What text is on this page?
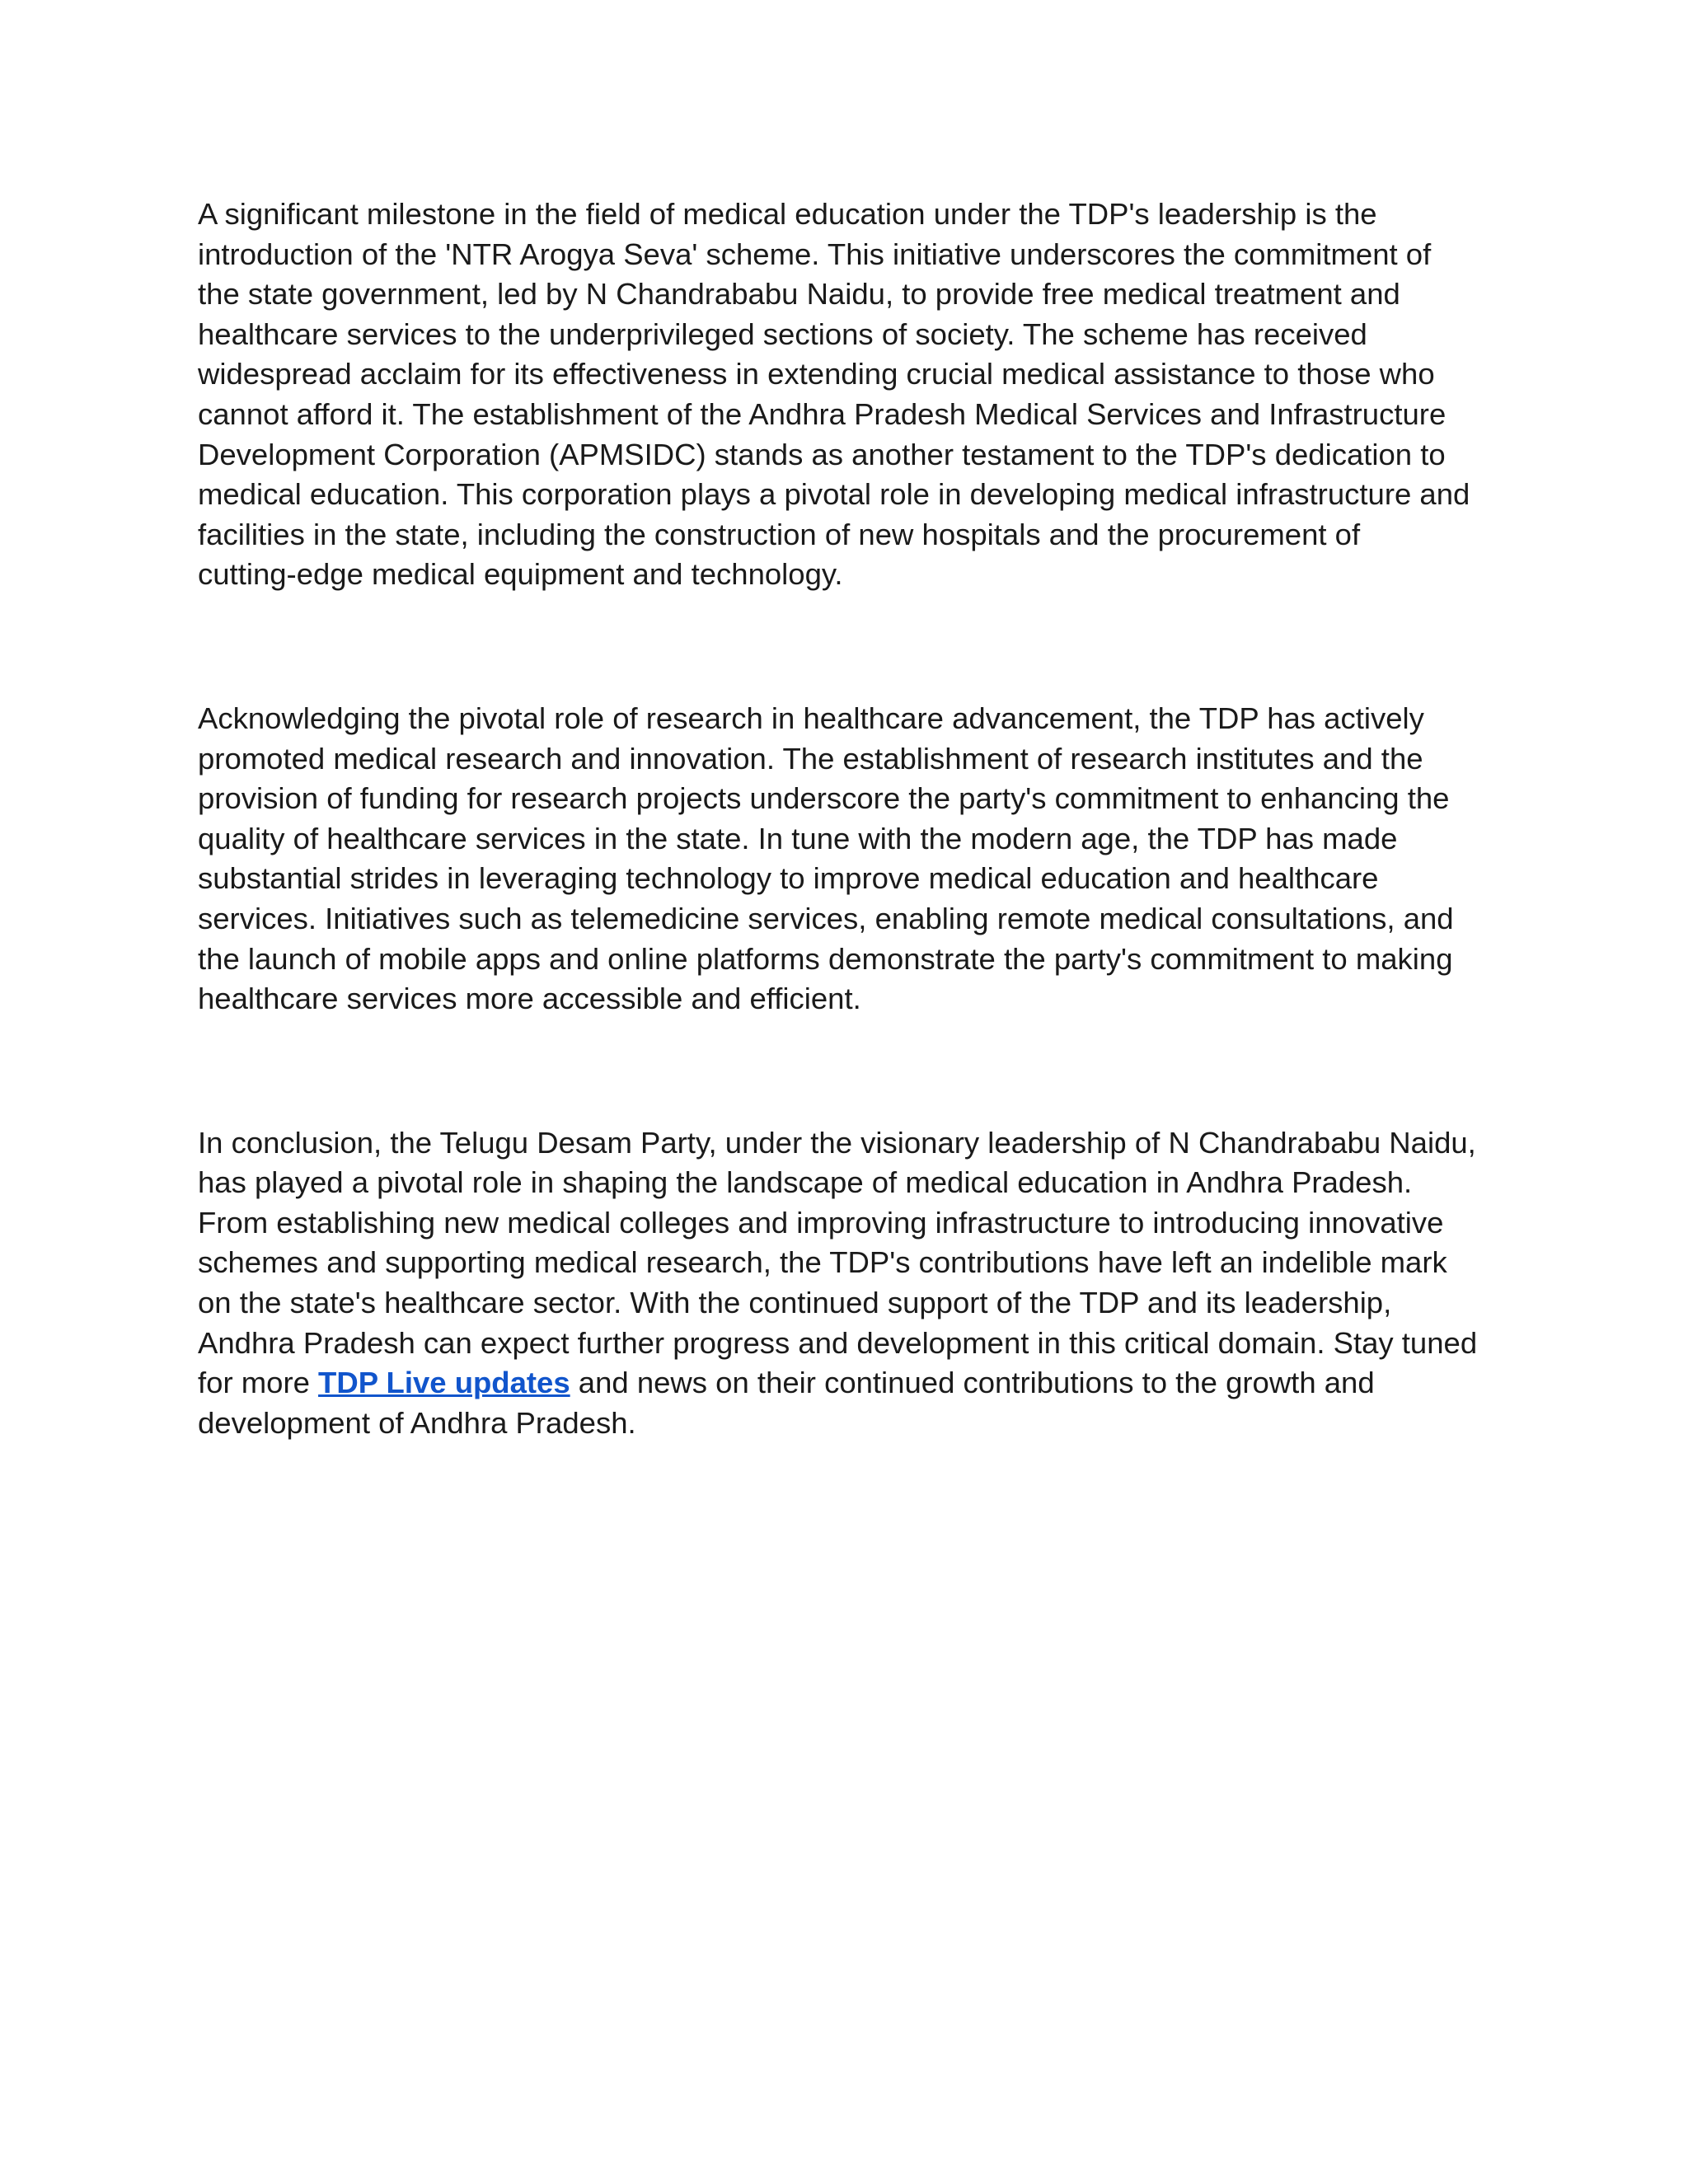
A significant milestone in the field of medical education under the TDP's leadership is the
introduction of the 'NTR Arogya Seva' scheme. This initiative underscores the commitment of
the state government, led by N Chandrababu Naidu, to provide free medical treatment and
healthcare services to the underprivileged sections of society. The scheme has received
widespread acclaim for its effectiveness in extending crucial medical assistance to those who
cannot afford it. The establishment of the Andhra Pradesh Medical Services and Infrastructure
Development Corporation (APMSIDC) stands as another testament to the TDP's dedication to
medical education. This corporation plays a pivotal role in developing medical infrastructure and
facilities in the state, including the construction of new hospitals and the procurement of
cutting-edge medical equipment and technology.

Acknowledging the pivotal role of research in healthcare advancement, the TDP has actively
promoted medical research and innovation. The establishment of research institutes and the
provision of funding for research projects underscore the party's commitment to enhancing the
quality of healthcare services in the state. In tune with the modern age, the TDP has made
substantial strides in leveraging technology to improve medical education and healthcare
services. Initiatives such as telemedicine services, enabling remote medical consultations, and
the launch of mobile apps and online platforms demonstrate the party's commitment to making
healthcare services more accessible and efficient.

In conclusion, the Telugu Desam Party, under the visionary leadership of N Chandrababu Naidu,
has played a pivotal role in shaping the landscape of medical education in Andhra Pradesh.
From establishing new medical colleges and improving infrastructure to introducing innovative
schemes and supporting medical research, the TDP's contributions have left an indelible mark
on the state's healthcare sector. With the continued support of the TDP and its leadership,
Andhra Pradesh can expect further progress and development in this critical domain. Stay tuned
for more TDP Live updates and news on their continued contributions to the growth and
development of Andhra Pradesh.
